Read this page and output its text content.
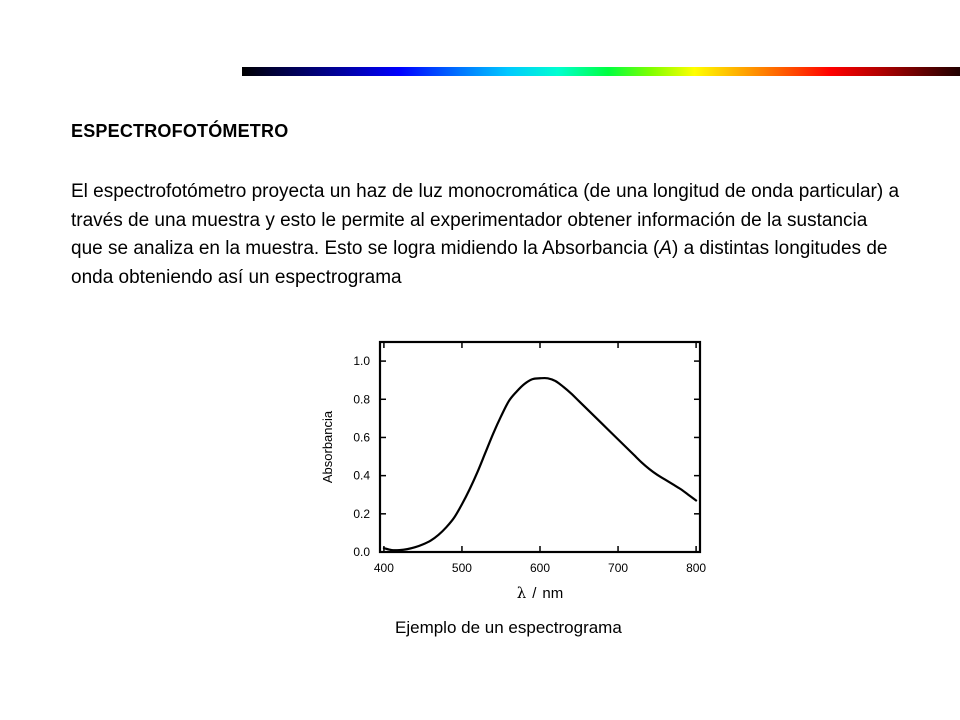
ESPECTROFOTÓMETRO

El espectrofotómetro proyecta un haz de luz monocromática (de una longitud de onda particular) a través de una muestra y esto le permite al experimentador obtener información de la sustancia que se analiza en la muestra. Esto se logra midiendo la Absorbancia (A) a distintas longitudes de onda obteniendo así un espectrograma

400	500	600	700	800
0.0
0.2
0.4
0.6
0.8
1.0
Absorbancia
λ / nm
Ejemplo de un espectrograma
